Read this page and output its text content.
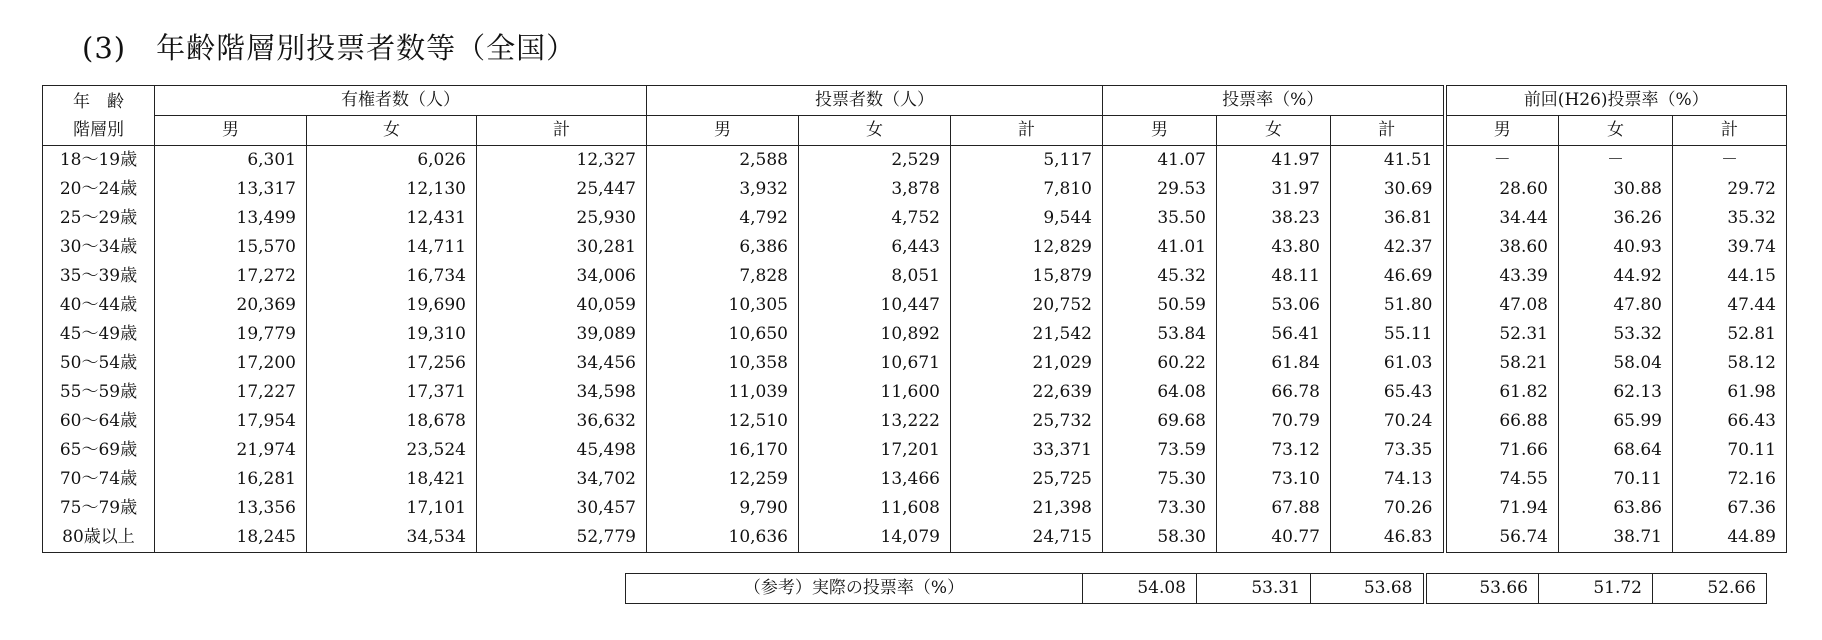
(3)　年齢階層別投票者数等（全国）
年　齢
階層別	有権者数（人）			投票者数（人）			投票率（%）			前回(H26)投票率（%）		
	男	女	計	男	女	計	男	女	計	男	女	計
18～19歳	6,301	6,026	12,327	2,588	2,529	5,117	41.07	41.97	41.51	－	－	－
20～24歳	13,317	12,130	25,447	3,932	3,878	7,810	29.53	31.97	30.69	28.60	30.88	29.72
25～29歳	13,499	12,431	25,930	4,792	4,752	9,544	35.50	38.23	36.81	34.44	36.26	35.32
30～34歳	15,570	14,711	30,281	6,386	6,443	12,829	41.01	43.80	42.37	38.60	40.93	39.74
35～39歳	17,272	16,734	34,006	7,828	8,051	15,879	45.32	48.11	46.69	43.39	44.92	44.15
40～44歳	20,369	19,690	40,059	10,305	10,447	20,752	50.59	53.06	51.80	47.08	47.80	47.44
45～49歳	19,779	19,310	39,089	10,650	10,892	21,542	53.84	56.41	55.11	52.31	53.32	52.81
50～54歳	17,200	17,256	34,456	10,358	10,671	21,029	60.22	61.84	61.03	58.21	58.04	58.12
55～59歳	17,227	17,371	34,598	11,039	11,600	22,639	64.08	66.78	65.43	61.82	62.13	61.98
60～64歳	17,954	18,678	36,632	12,510	13,222	25,732	69.68	70.79	70.24	66.88	65.99	66.43
65～69歳	21,974	23,524	45,498	16,170	17,201	33,371	73.59	73.12	73.35	71.66	68.64	70.11
70～74歳	16,281	18,421	34,702	12,259	13,466	25,725	75.30	73.10	74.13	74.55	70.11	72.16
75～79歳	13,356	17,101	30,457	9,790	11,608	21,398	73.30	67.88	70.26	71.94	63.86	67.36
80歳以上	18,245	34,534	52,779	10,636	14,079	24,715	58.30	40.77	46.83	56.74	38.71	44.89
（参考）実際の投票率（%）	54.08	53.31	53.68	53.66	51.72	52.66
